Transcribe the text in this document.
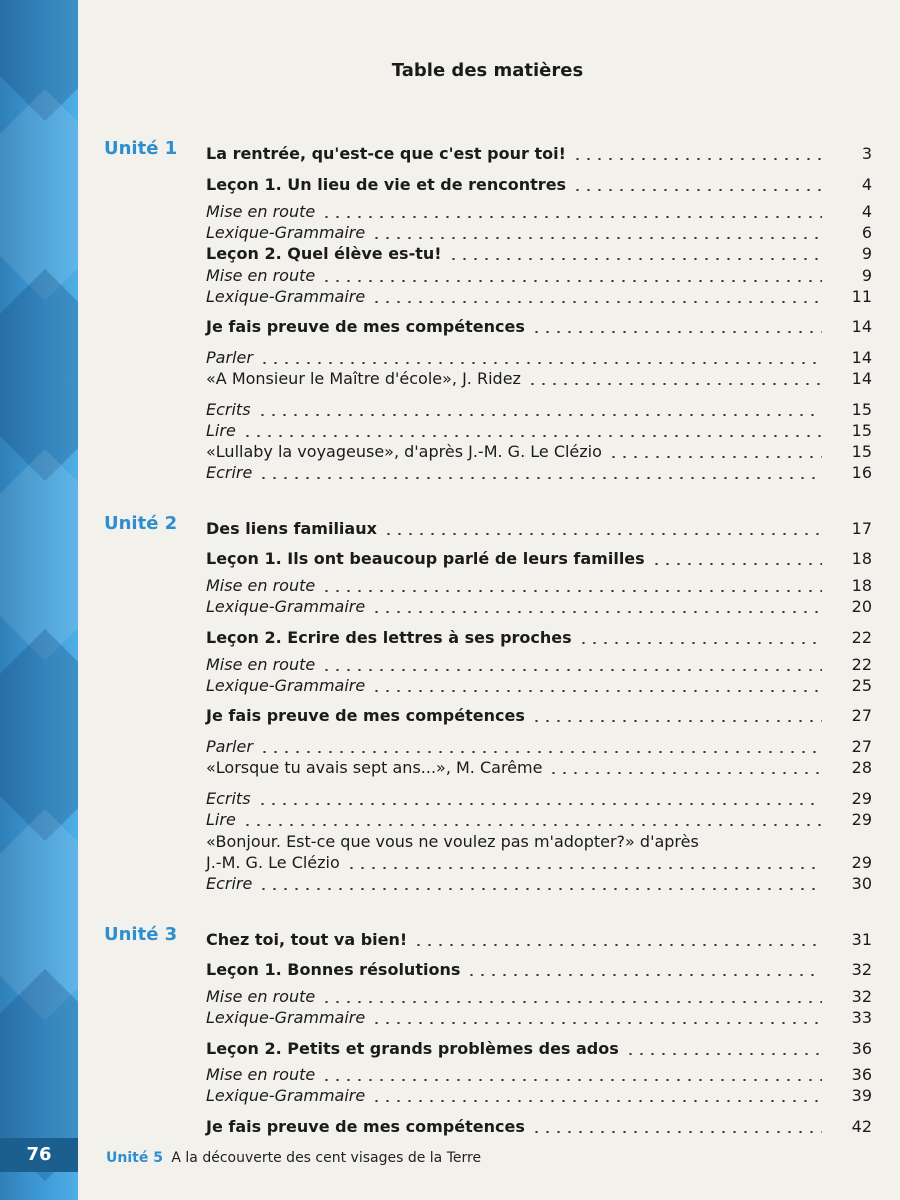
76
Table des matières
Unité 1 La rentrée, qu'est-ce que c'est pour toi!	3
Leçon 1. Un lieu de vie et de rencontres	4
Mise en route	4
Lexique-Grammaire	6
Leçon 2. Quel élève es-tu!	9
Mise en route	9
Lexique-Grammaire	11
Je fais preuve de mes compétences	14
Parler	14
«A Monsieur le Maître d'école», J. Ridez	14
Ecrits	15
Lire	15
«Lullaby la voyageuse», d'après J.-M. G. Le Clézio	15
Ecrire	16
Unité 2 Des liens familiaux	17
Leçon 1. Ils ont beaucoup parlé de leurs familles	18
Mise en route	18
Lexique-Grammaire	20
Leçon 2. Ecrire des lettres à ses proches	22
Mise en route	22
Lexique-Grammaire	25
Je fais preuve de mes compétences	27
Parler	27
«Lorsque tu avais sept ans...», M. Carême	28
Ecrits	29
Lire	29
«Bonjour. Est-ce que vous ne voulez pas m'adopter?» d'après
J.-M. G. Le Clézio	29
Ecrire	30
Unité 3 Chez toi, tout va bien!	31
Leçon 1. Bonnes résolutions	32
Mise en route	32
Lexique-Grammaire	33
Leçon 2. Petits et grands problèmes des ados	36
Mise en route	36
Lexique-Grammaire	39
Je fais preuve de mes compétences	42
Unité 5 A la découverte des cent visages de la Terre
